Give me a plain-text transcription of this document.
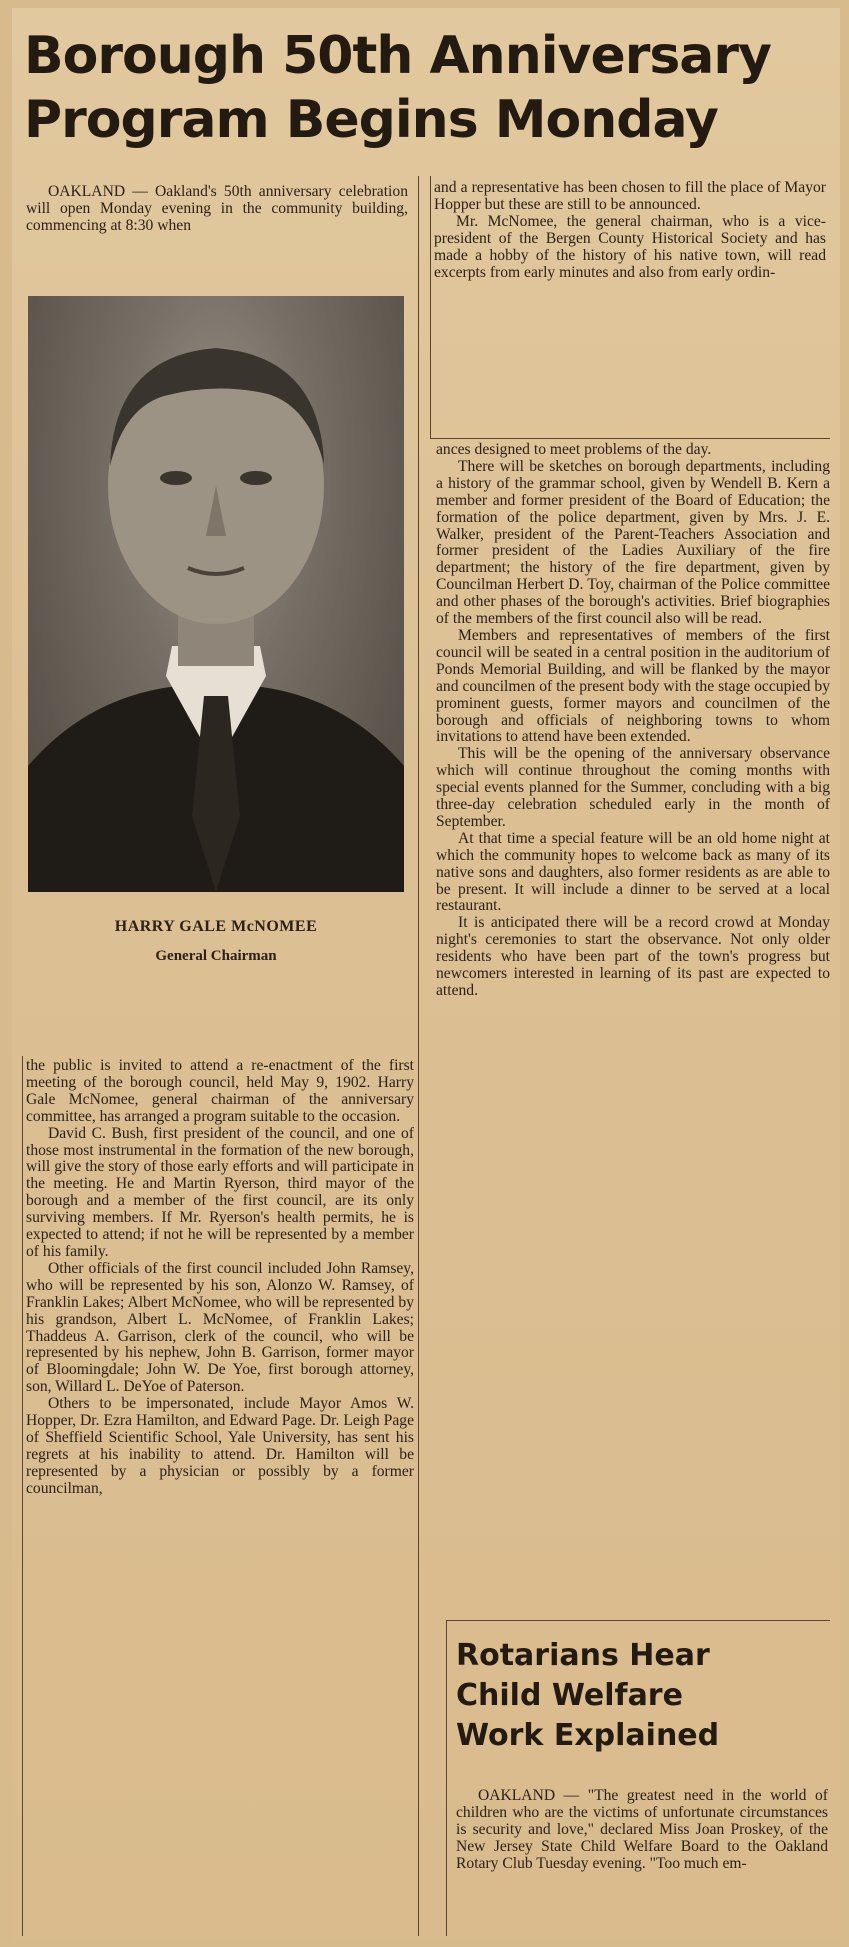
Borough 50th Anniversary
Program Begins Monday

OAKLAND — Oakland's 50th anniversary celebration will open Monday evening in the community building, commencing at 8:30 when

HARRY GALE McNOMEE
General Chairman

the public is invited to attend a re-enactment of the first meeting of the borough council, held May 9, 1902. Harry Gale McNomee, general chairman of the anniversary committee, has arranged a program suitable to the occasion.

David C. Bush, first president of the council, and one of those most instrumental in the formation of the new borough, will give the story of those early efforts and will participate in the meeting. He and Martin Ryerson, third mayor of the borough and a member of the first council, are its only surviving members. If Mr. Ryerson's health permits, he is expected to attend; if not he will be represented by a member of his family.

Other officials of the first council included John Ramsey, who will be represented by his son, Alonzo W. Ramsey, of Franklin Lakes; Albert McNomee, who will be represented by his grandson, Albert L. McNomee, of Franklin Lakes; Thaddeus A. Garrison, clerk of the council, who will be represented by his nephew, John B. Garrison, former mayor of Bloomingdale; John W. De Yoe, first borough attorney, son, Willard L. DeYoe of Paterson.

Others to be impersonated, include Mayor Amos W. Hopper, Dr. Ezra Hamilton, and Edward Page. Dr. Leigh Page of Sheffield Scientific School, Yale University, has sent his regrets at his inability to attend. Dr. Hamilton will be represented by a physician or possibly by a former councilman,

and a representative has been chosen to fill the place of Mayor Hopper but these are still to be announced.

Mr. McNomee, the general chairman, who is a vice-president of the Bergen County Historical Society and has made a hobby of the history of his native town, will read excerpts from early minutes and also from early ordin-

ances designed to meet problems of the day.

There will be sketches on borough departments, including a history of the grammar school, given by Wendell B. Kern a member and former president of the Board of Education; the formation of the police department, given by Mrs. J. E. Walker, president of the Parent-Teachers Association and former president of the Ladies Auxiliary of the fire department; the history of the fire department, given by Councilman Herbert D. Toy, chairman of the Police committee and other phases of the borough's activities. Brief biographies of the members of the first council also will be read.

Members and representatives of members of the first council will be seated in a central position in the auditorium of Ponds Memorial Building, and will be flanked by the mayor and councilmen of the present body with the stage occupied by prominent guests, former mayors and councilmen of the borough and officials of neighboring towns to whom invitations to attend have been extended.

This will be the opening of the anniversary observance which will continue throughout the coming months with special events planned for the Summer, concluding with a big three-day celebration scheduled early in the month of September.

At that time a special feature will be an old home night at which the community hopes to welcome back as many of its native sons and daughters, also former residents as are able to be present. It will include a dinner to be served at a local restaurant.

It is anticipated there will be a record crowd at Monday night's ceremonies to start the observance. Not only older residents who have been part of the town's progress but newcomers interested in learning of its past are expected to attend.

Rotarians Hear
Child Welfare
Work Explained

OAKLAND — "The greatest need in the world of children who are the victims of unfortunate circumstances is security and love," declared Miss Joan Proskey, of the New Jersey State Child Welfare Board to the Oakland Rotary Club Tuesday evening. "Too much em-
